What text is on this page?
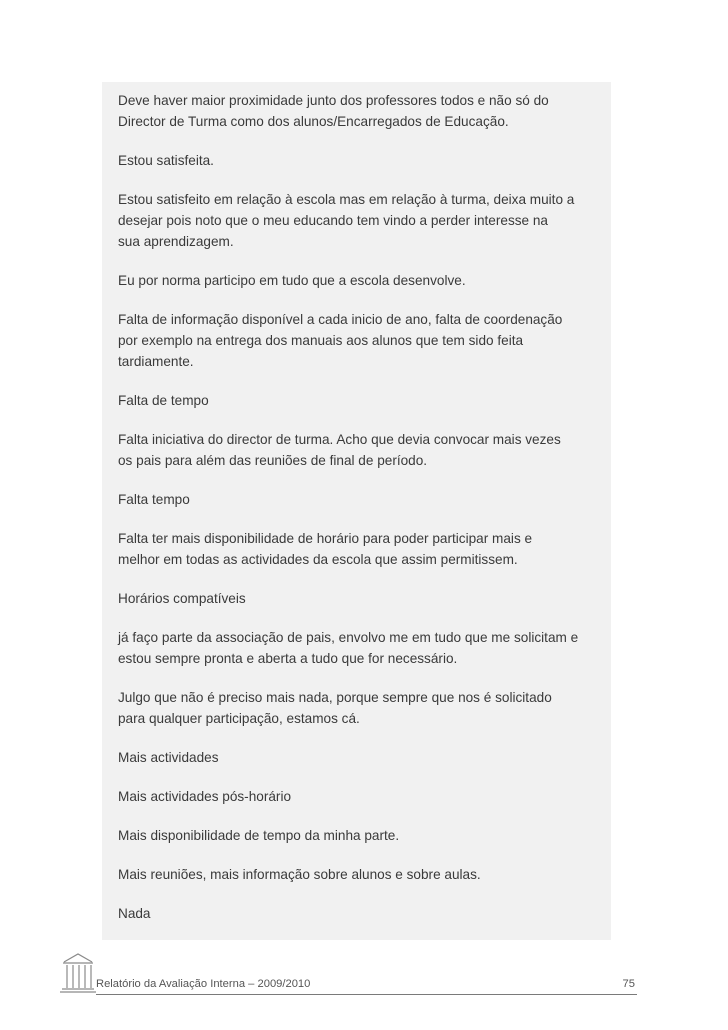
Deve haver maior proximidade junto dos professores todos e não só do
Director de Turma como dos alunos/Encarregados de Educação.

Estou satisfeita.

Estou satisfeito em relação à escola mas em relação à turma, deixa muito a
desejar pois noto que o meu educando tem vindo a perder interesse na
sua aprendizagem.

Eu por norma participo em tudo que a escola desenvolve.

Falta de informação disponível a cada inicio de ano, falta de coordenação
por exemplo na entrega dos manuais aos alunos que tem sido feita
tardiamente.

Falta de tempo

Falta iniciativa do director de turma. Acho que devia convocar mais vezes
os pais para além das reuniões de final de período.

Falta tempo

Falta ter mais disponibilidade de horário para poder participar mais e
melhor em todas as actividades da escola que assim permitissem.

Horários compatíveis

já faço parte da associação de pais, envolvo me em tudo que me solicitam e
estou sempre pronta e aberta a tudo que for necessário.

Julgo que não é preciso mais nada, porque sempre que nos é solicitado
para qualquer participação, estamos cá.

Mais actividades

Mais actividades pós-horário

Mais disponibilidade de tempo da minha parte.

Mais reuniões, mais informação sobre alunos e sobre aulas.

Nada

Relatório da Avaliação Interna – 2009/2010	75
